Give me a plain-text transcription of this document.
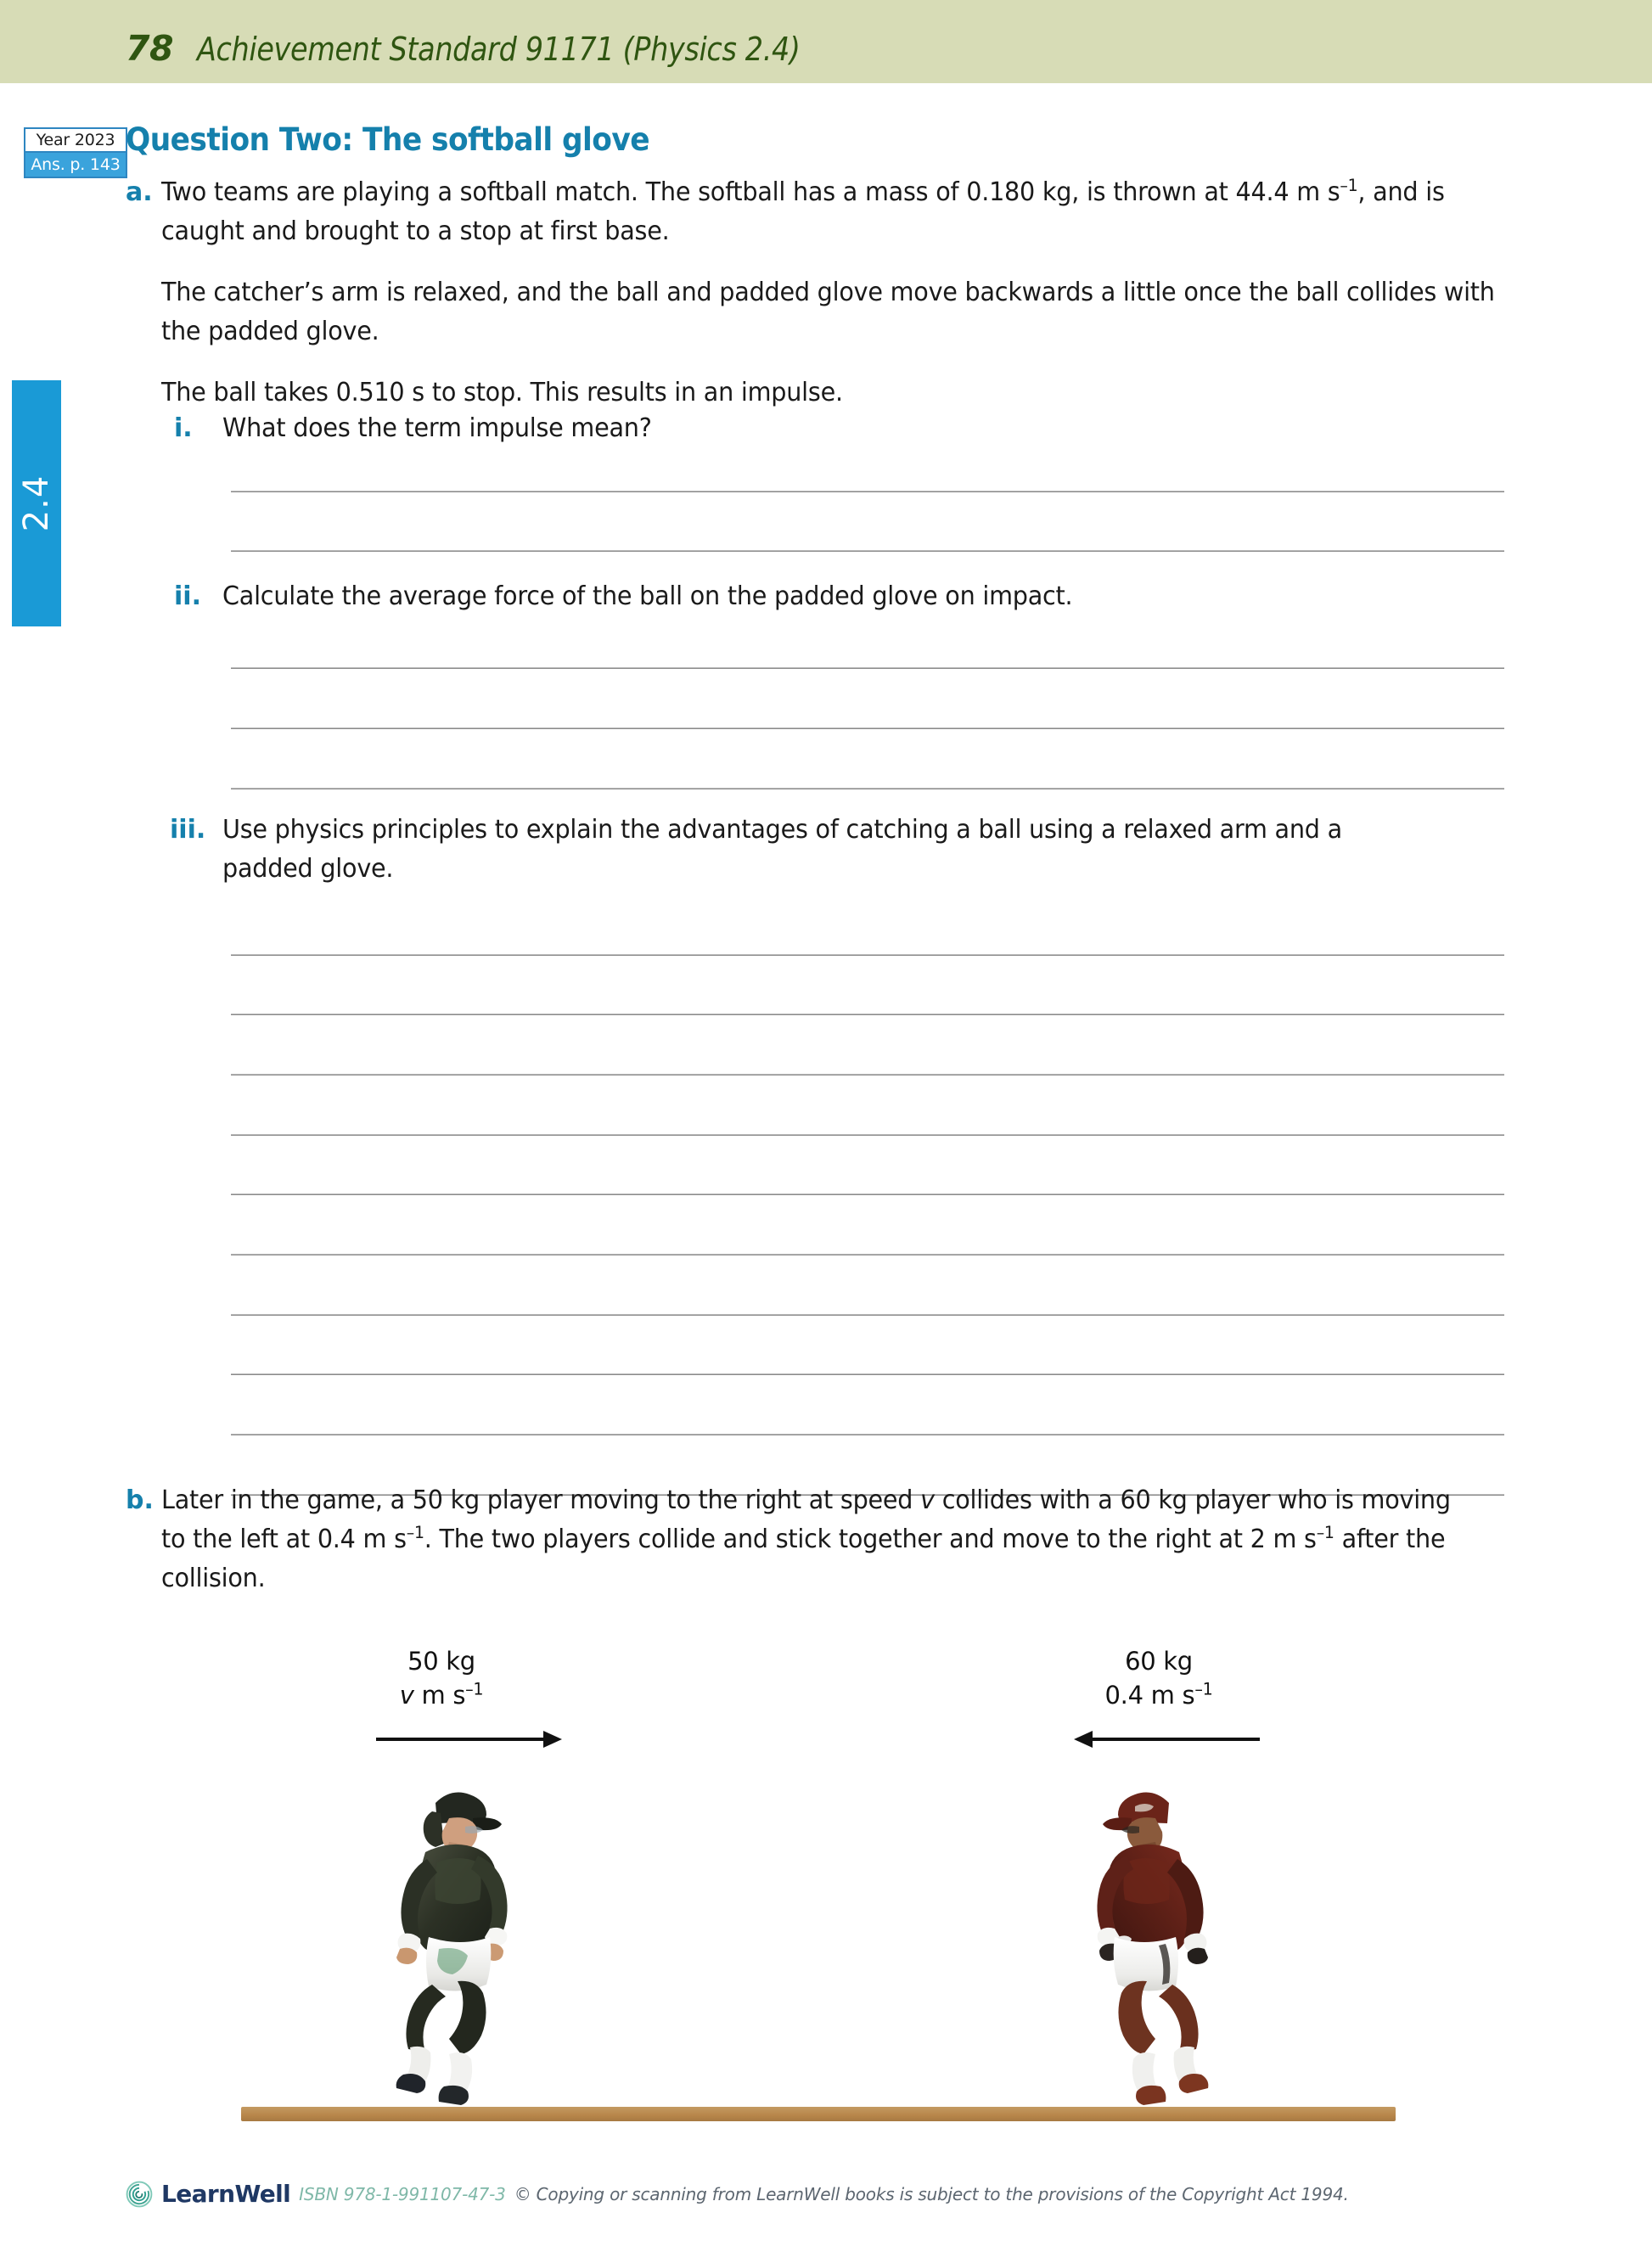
78 Achievement Standard 91171 (Physics 2.4)
2.4
Year 2023
Ans. p. 143
Question Two: The softball glove
a. Two teams are playing a softball match. The softball has a mass of 0.180 kg, is thrown at 44.4 m $s^{-1}$, and is caught and brought to a stop at first base.
The catcher’s arm is relaxed, and the ball and padded glove move backwards a little once the ball collides with the padded glove.
The ball takes 0.510 s to stop. This results in an impulse.
i.	What does the term impulse mean?
ii. Calculate the average force of the ball on the padded glove on impact.
iii. Use physics principles to explain the advantages of catching a ball using a relaxed arm and a padded glove.
b. Later in the game, a 50 kg player moving to the right at speed v collides with a 60 kg player who is moving to the left at 0.4 m $s^{-1}$. The two players collide and stick together and move to the right at 2 m $s^{-1}$ after the collision.
50 kg
v m $s^{-1}$
60 kg
0.4 m $s^{-1}$
LearnWell ISBN 978-1-991107-47-3 © Copying or scanning from LearnWell books is subject to the provisions of the Copyright Act 1994.
